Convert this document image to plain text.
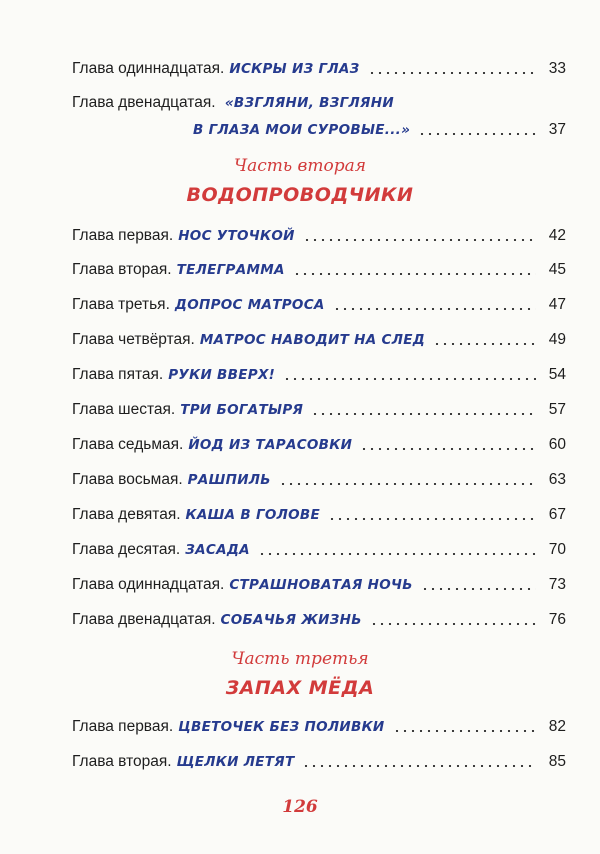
Глава одиннадцатая. ИСКРЫ ИЗ ГЛАЗ	33
Глава двенадцатая. «ВЗГЛЯНИ, ВЗГЛЯНИ
В ГЛАЗА МОИ СУРОВЫЕ...»	37
Часть вторая
ВОДОПРОВОДЧИКИ
Глава первая. НОС УТОЧКОЙ	42
Глава вторая. ТЕЛЕГРАММА	45
Глава третья. ДОПРОС МАТРОСА	47
Глава четвёртая. МАТРОС НАВОДИТ НА СЛЕД	49
Глава пятая. РУКИ ВВЕРХ!	54
Глава шестая. ТРИ БОГАТЫРЯ	57
Глава седьмая. ЙОД ИЗ ТАРАСОВКИ	60
Глава восьмая. РАШПИЛЬ	63
Глава девятая. КАША В ГОЛОВЕ	67
Глава десятая. ЗАСАДА	70
Глава одиннадцатая. СТРАШНОВАТАЯ НОЧЬ	73
Глава двенадцатая. СОБАЧЬЯ ЖИЗНЬ	76
Часть третья
ЗАПАХ МЁДА
Глава первая. ЦВЕТОЧЕК БЕЗ ПОЛИВКИ	82
Глава вторая. ЩЕЛКИ ЛЕТЯТ	85
126
